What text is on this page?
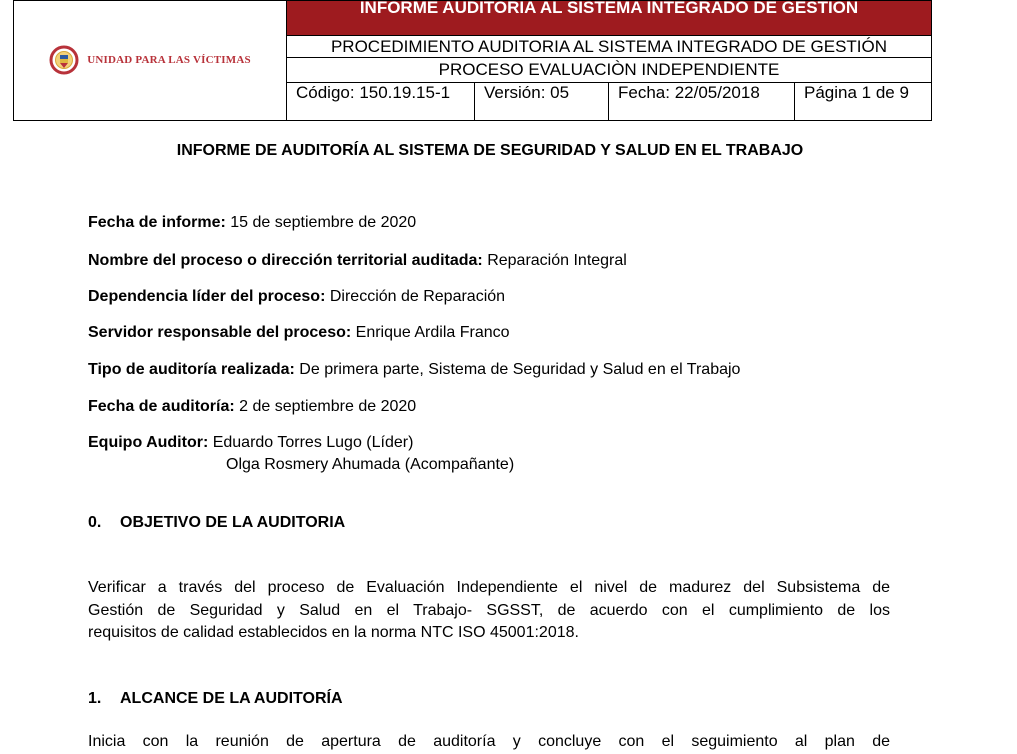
UNIDAD PARA LAS VÍCTIMAS
	INFORME AUDITORIA AL SISTEMA INTEGRADO DE GESTION
PROCEDIMIENTO AUDITORIA AL SISTEMA INTEGRADO DE GESTIÓN
PROCESO EVALUACIÒN INDEPENDIENTE

Código: 150.19.15-1	Versión: 05	Fecha: 22/05/2018	Página 1 de 9
INFORME DE AUDITORÍA AL SISTEMA DE SEGURIDAD Y SALUD EN EL TRABAJO
Fecha de informe: 15 de septiembre de 2020
Nombre del proceso o dirección territorial auditada: Reparación Integral
Dependencia líder del proceso: Dirección de Reparación
Servidor responsable del proceso: Enrique Ardila Franco
Tipo de auditoría realizada: De primera parte, Sistema de Seguridad y Salud en el Trabajo
Fecha de auditoría: 2 de septiembre de 2020
Equipo Auditor: Eduardo Torres Lugo (Líder)
Olga Rosmery Ahumada (Acompañante)
0. OBJETIVO DE LA AUDITORIA
Verificar a través del proceso de Evaluación Independiente el nivel de madurez del Subsistema de
Gestión de Seguridad y Salud en el Trabajo- SGSST, de acuerdo con el cumplimiento de los
requisitos de calidad establecidos en la norma NTC ISO 45001:2018.
1. ALCANCE DE LA AUDITORÍA
Inicia con la reunión de apertura de auditoría y concluye con el seguimiento al plan de
